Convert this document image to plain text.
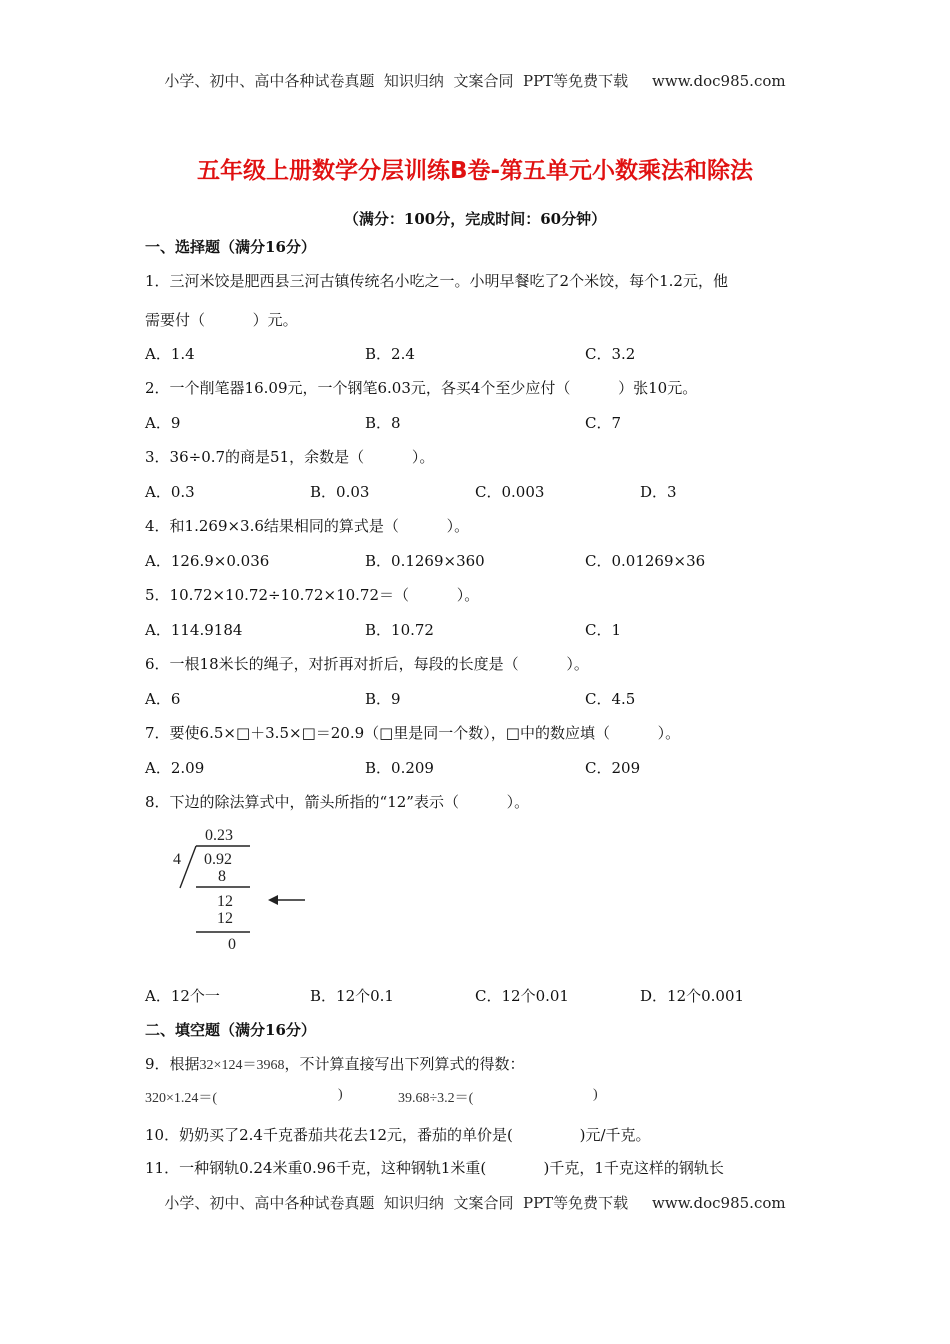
小学、初中、高中各种试卷真题  知识归纳  文案合同  PPT等免费下载     www.doc985.com
五年级上册数学分层训练B卷-第五单元小数乘法和除法
（满分：100分，完成时间：60分钟）
一、选择题（满分16分）
1．三河米饺是肥西县三河古镇传统名小吃之一。小明早餐吃了2个米饺，每个1.2元，他
需要付（          ）元。
A．1.4	B．2.4	C．3.2
2．一个削笔器16.09元，一个钢笔6.03元，各买4个至少应付（          ）张10元。
A．9	B．8	C．7
3．36÷0.7的商是51，余数是（          ）。
A．0.3	B．0.03	C．0.003	D．3
4．和1.269×3.6结果相同的算式是（          ）。
A．126.9×0.036	B．0.1269×360	C．0.01269×36
5．10.72×10.72÷10.72×10.72＝（          ）。
A．114.9184	B．10.72	C．1
6．一根18米长的绳子，对折再对折后，每段的长度是（          ）。
A．6	B．9	C．4.5
7．要使6.5×□＋3.5×□＝20.9（□里是同一个数），□中的数应填（          ）。
A．2.09	B．0.209	C．209
8．下边的除法算式中，箭头所指的“12”表示（          ）。
0.23
4 0.92
8
12
12
0
A．12个一	B．12个0.1	C．12个0.01	D．12个0.001
二、填空题（满分16分）
9．根据32×124＝3968，不计算直接写出下列算式的得数：
320×1.24＝(	)	39.68÷3.2＝(	)
10．奶奶买了2.4千克番茄共花去12元，番茄的单价是(              )元/千克。
11．一种钢轨0.24米重0.96千克，这种钢轨1米重(            )千克，1千克这样的钢轨长
小学、初中、高中各种试卷真题  知识归纳  文案合同  PPT等免费下载     www.doc985.com
